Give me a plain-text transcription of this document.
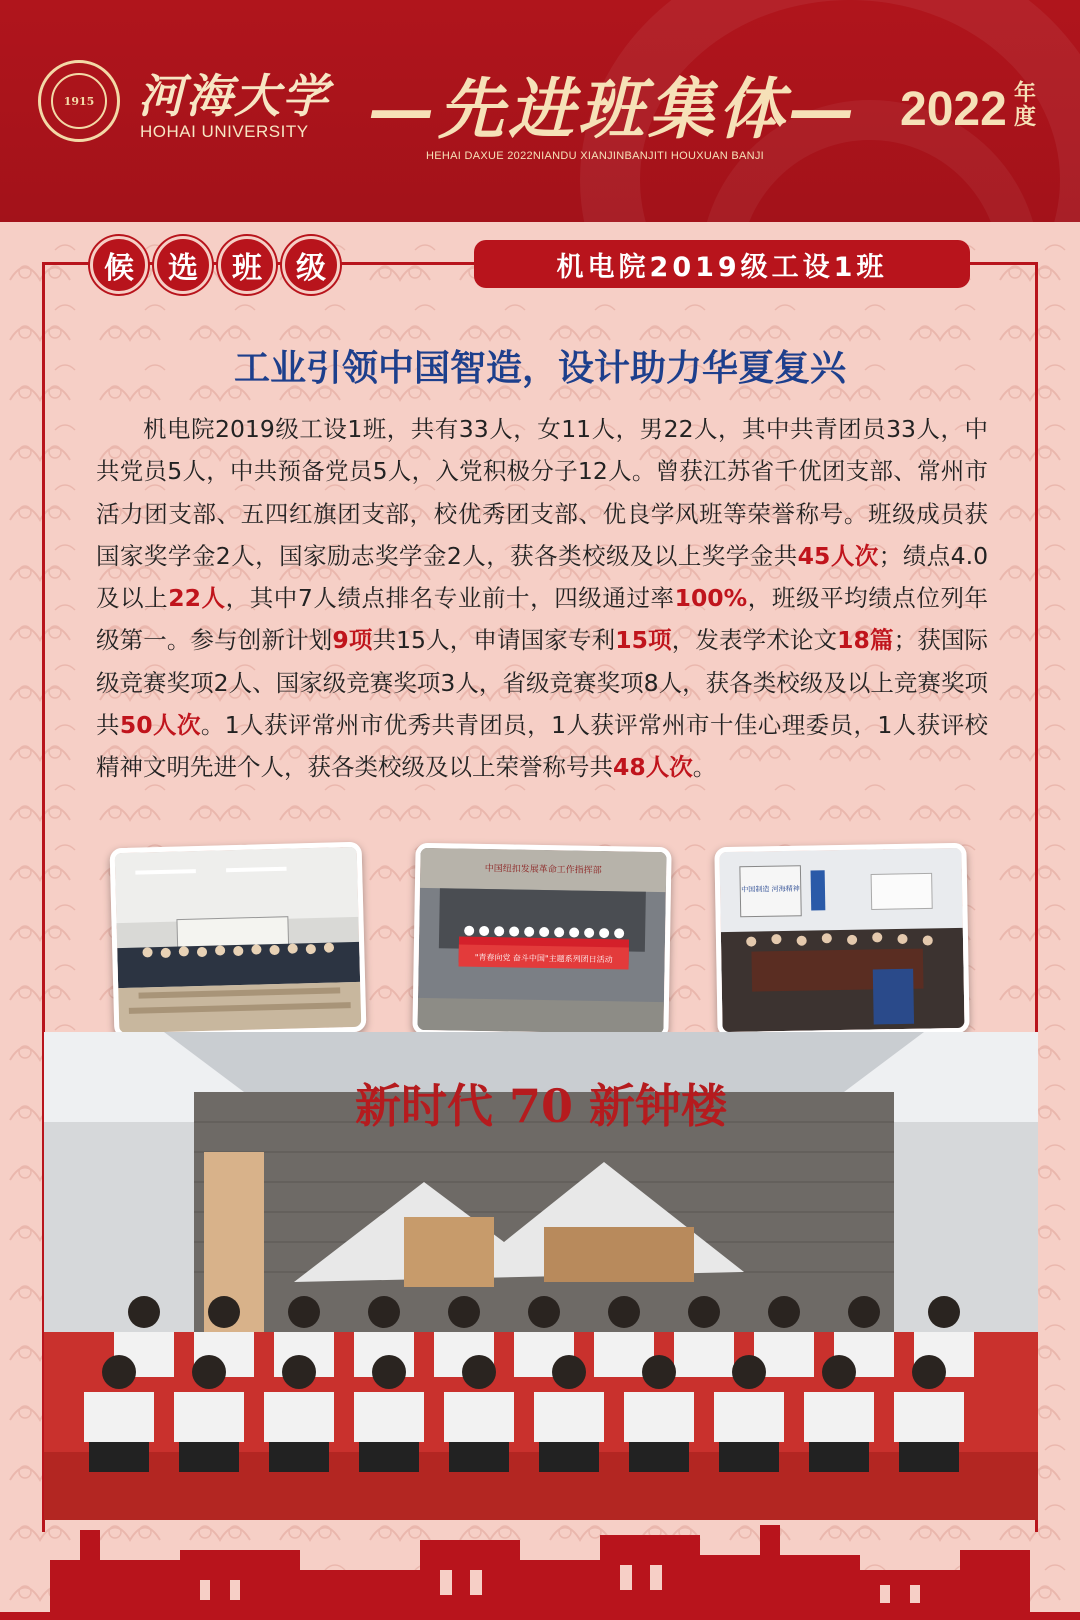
1915 河海大学
HOHAI UNIVERSITY —先进班集体—
HEHAI DAXUE 2022NIANDU XIANJINBANJITI HOUXUAN BANJI
2022 年度
候	选	班	级	机电院2019级工设1班
工业引领中国智造，设计助力华夏复兴
机电院2019级工设1班，共有33人，女11人，男22人，其中共青团员33人，中共党员5人，中共预备党员5人，入党积极分子12人。曾获江苏省千优团支部、常州市活力团支部、五四红旗团支部，校优秀团支部、优良学风班等荣誉称号。班级成员获国家奖学金2人，国家励志奖学金2人，获各类校级及以上奖学金共45人次；绩点4.0及以上22人，其中7人绩点排名专业前十，四级通过率100%，班级平均绩点位列年级第一。参与创新计划9项共15人，申请国家专利15项，发表学术论文18篇；获国际级竞赛奖项2人、国家级竞赛奖项3人，省级竞赛奖项8人，获各类校级及以上竞赛奖项共50人次。1人获评常州市优秀共青团员，1人获评常州市十佳心理委员，1人获评校精神文明先进个人，获各类校级及以上荣誉称号共48人次。
中国纽扣发展革命工作指挥部
"青春向党 奋斗中国"主题系列团日活动
中国制造 河海精神
新时代 70 新钟楼
